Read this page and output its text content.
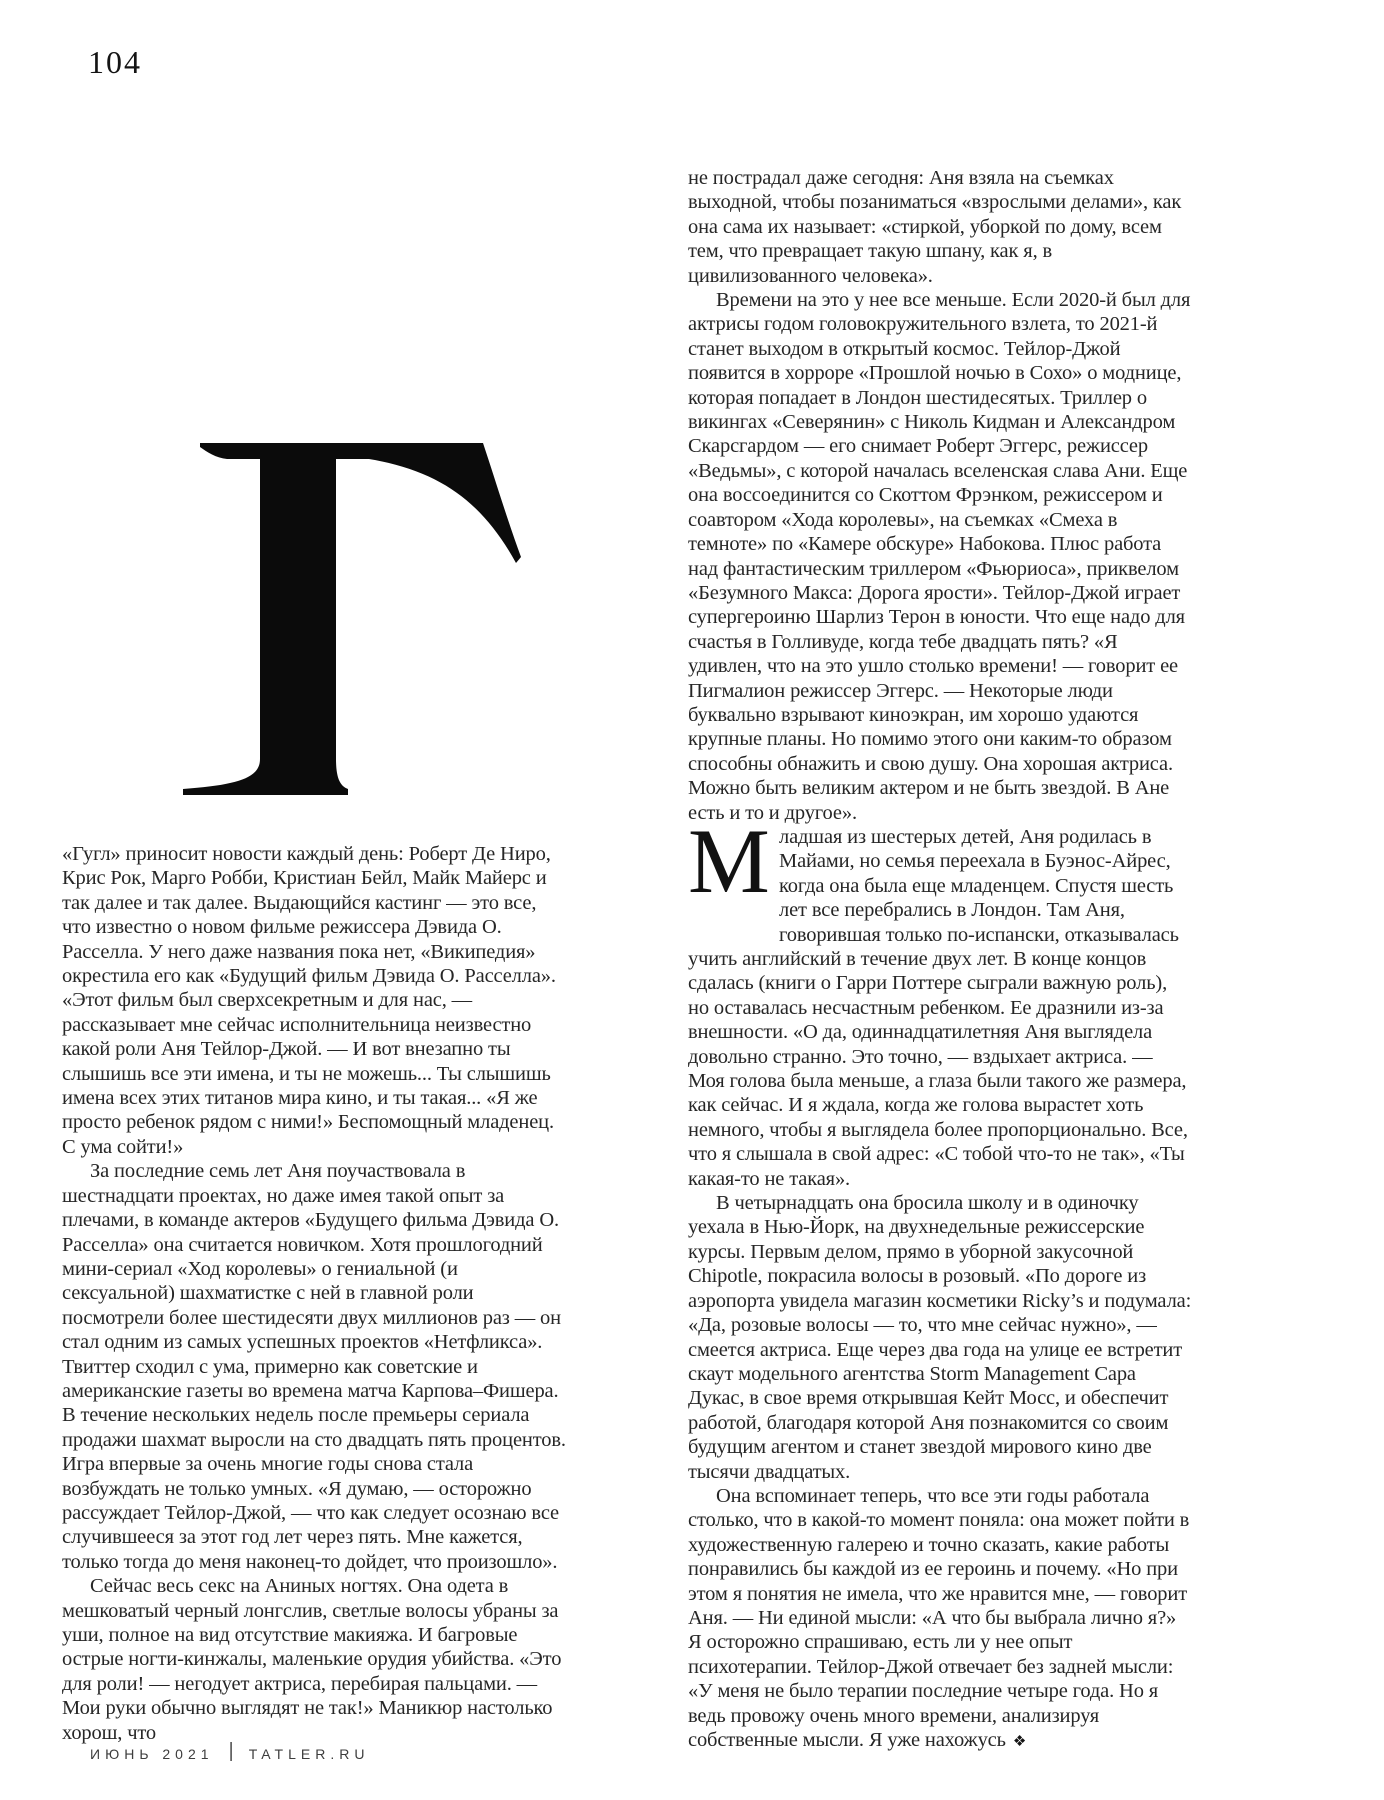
104

«Гугл» приносит новости каждый день: Роберт Де Ниро, Крис Рок, Марго Робби, Кристиан Бейл, Майк Майерс и так далее и так далее. Выдающийся кастинг — это все, что известно о новом фильме режиссера Дэвида О. Расселла. У него даже названия пока нет, «Википедия» окрестила его как «Будущий фильм Дэвида О. Расселла». «Этот фильм был сверхсекретным и для нас, — рассказывает мне сейчас исполнительница неизвестно какой роли Аня Тейлор-Джой. — И вот внезапно ты слышишь все эти имена, и ты не можешь... Ты слышишь имена всех этих титанов мира кино, и ты такая... «Я же просто ребенок рядом с ними!» Беспомощный младенец. С ума сойти!»

За последние семь лет Аня поучаствовала в шестнадцати проектах, но даже имея такой опыт за плечами, в команде актеров «Будущего фильма Дэвида О. Расселла» она считается новичком. Хотя прошлогодний мини-сериал «Ход королевы» о гениальной (и сексуальной) шахматистке с ней в главной роли посмотрели более шестидесяти двух миллионов раз — он стал одним из самых успешных проектов «Нетфликса». Твиттер сходил с ума, примерно как советские и американские газеты во времена матча Карпова–Фишера. В течение нескольких недель после премьеры сериала продажи шахмат выросли на сто двадцать пять процентов. Игра впервые за очень многие годы снова стала возбуждать не только умных. «Я думаю, — осторожно рассуждает Тейлор-Джой, — что как следует осознаю все случившееся за этот год лет через пять. Мне кажется, только тогда до меня наконец-то дойдет, что произошло».

Сейчас весь секс на Аниных ногтях. Она одета в мешковатый черный лонгслив, светлые волосы убраны за уши, полное на вид отсутствие макияжа. И багровые острые ногти-кинжалы, маленькие орудия убийства. «Это для роли! — негодует актриса, перебирая пальцами. — Мои руки обычно выглядят не так!» Маникюр настолько хорош, что

не пострадал даже сегодня: Аня взяла на съемках выходной, чтобы позаниматься «взрослыми делами», как она сама их называет: «стиркой, уборкой по дому, всем тем, что превращает такую шпану, как я, в цивилизованного человека».

Времени на это у нее все меньше. Если 2020-й был для актрисы годом головокружительного взлета, то 2021-й станет выходом в открытый космос. Тейлор-Джой появится в хорроре «Прошлой ночью в Сохо» о моднице, которая попадает в Лондон шестидесятых. Триллер о викингах «Северянин» с Николь Кидман и Александром Скарсгардом — его снимает Роберт Эггерс, режиссер «Ведьмы», с которой началась вселенская слава Ани. Еще она воссоединится со Скоттом Фрэнком, режиссером и соавтором «Хода королевы», на съемках «Смеха в темноте» по «Камере обскуре» Набокова. Плюс работа над фантастическим триллером «Фьюриоса», приквелом «Безумного Макса: Дорога ярости». Тейлор-Джой играет супергероиню Шарлиз Терон в юности. Что еще надо для счастья в Голливуде, когда тебе двадцать пять? «Я удивлен, что на это ушло столько времени! — говорит ее Пигмалион режиссер Эггерс. — Некоторые люди буквально взрывают киноэкран, им хорошо удаются крупные планы. Но помимо этого они каким-то образом способны обнажить и свою душу. Она хорошая актриса. Можно быть великим актером и не быть звездой. В Ане есть и то и другое».

М ладшая из шестерых детей, Аня родилась в Майами, но семья переехала в Буэнос-Айрес, когда она была еще младенцем. Спустя шесть лет все перебрались в Лондон. Там Аня, говорившая только по-испански, отказывалась учить английский в течение двух лет. В конце концов сдалась (книги о Гарри Поттере сыграли важную роль), но оставалась несчастным ребенком. Ее дразнили из-за внешности. «О да, одиннадцатилетняя Аня выглядела довольно странно. Это точно, — вздыхает актриса. — Моя голова была меньше, а глаза были такого же размера, как сейчас. И я ждала, когда же голова вырастет хоть немного, чтобы я выглядела более пропорционально. Все, что я слышала в свой адрес: «С тобой что-то не так», «Ты какая-то не такая».

В четырнадцать она бросила школу и в одиночку уехала в Нью-Йорк, на двухнедельные режиссерские курсы. Первым делом, прямо в уборной закусочной Chipotle, покрасила волосы в розовый. «По дороге из аэропорта увидела магазин косметики Ricky’s и подумала: «Да, розовые волосы — то, что мне сейчас нужно», — смеется актриса. Еще через два года на улице ее встретит скаут модельного агентства Storm Management Сара Дукас, в свое время открывшая Кейт Мосс, и обеспечит работой, благодаря которой Аня познакомится со своим будущим агентом и станет звездой мирового кино две тысячи двадцатых.

Она вспоминает теперь, что все эти годы работала столько, что в какой-то момент поняла: она может пойти в художественную галерею и точно сказать, какие работы понравились бы каждой из ее героинь и почему. «Но при этом я понятия не имела, что же нравится мне, — говорит Аня. — Ни единой мысли: «А что бы выбрала лично я?» Я осторожно спрашиваю, есть ли у нее опыт психотерапии. Тейлор-Джой отвечает без задней мысли: «У меня не было терапии последние четыре года. Но я ведь провожу очень много времени, анализируя собственные мысли. Я уже нахожусь ❖

ИЮНЬ 2021 | TATLER.RU
